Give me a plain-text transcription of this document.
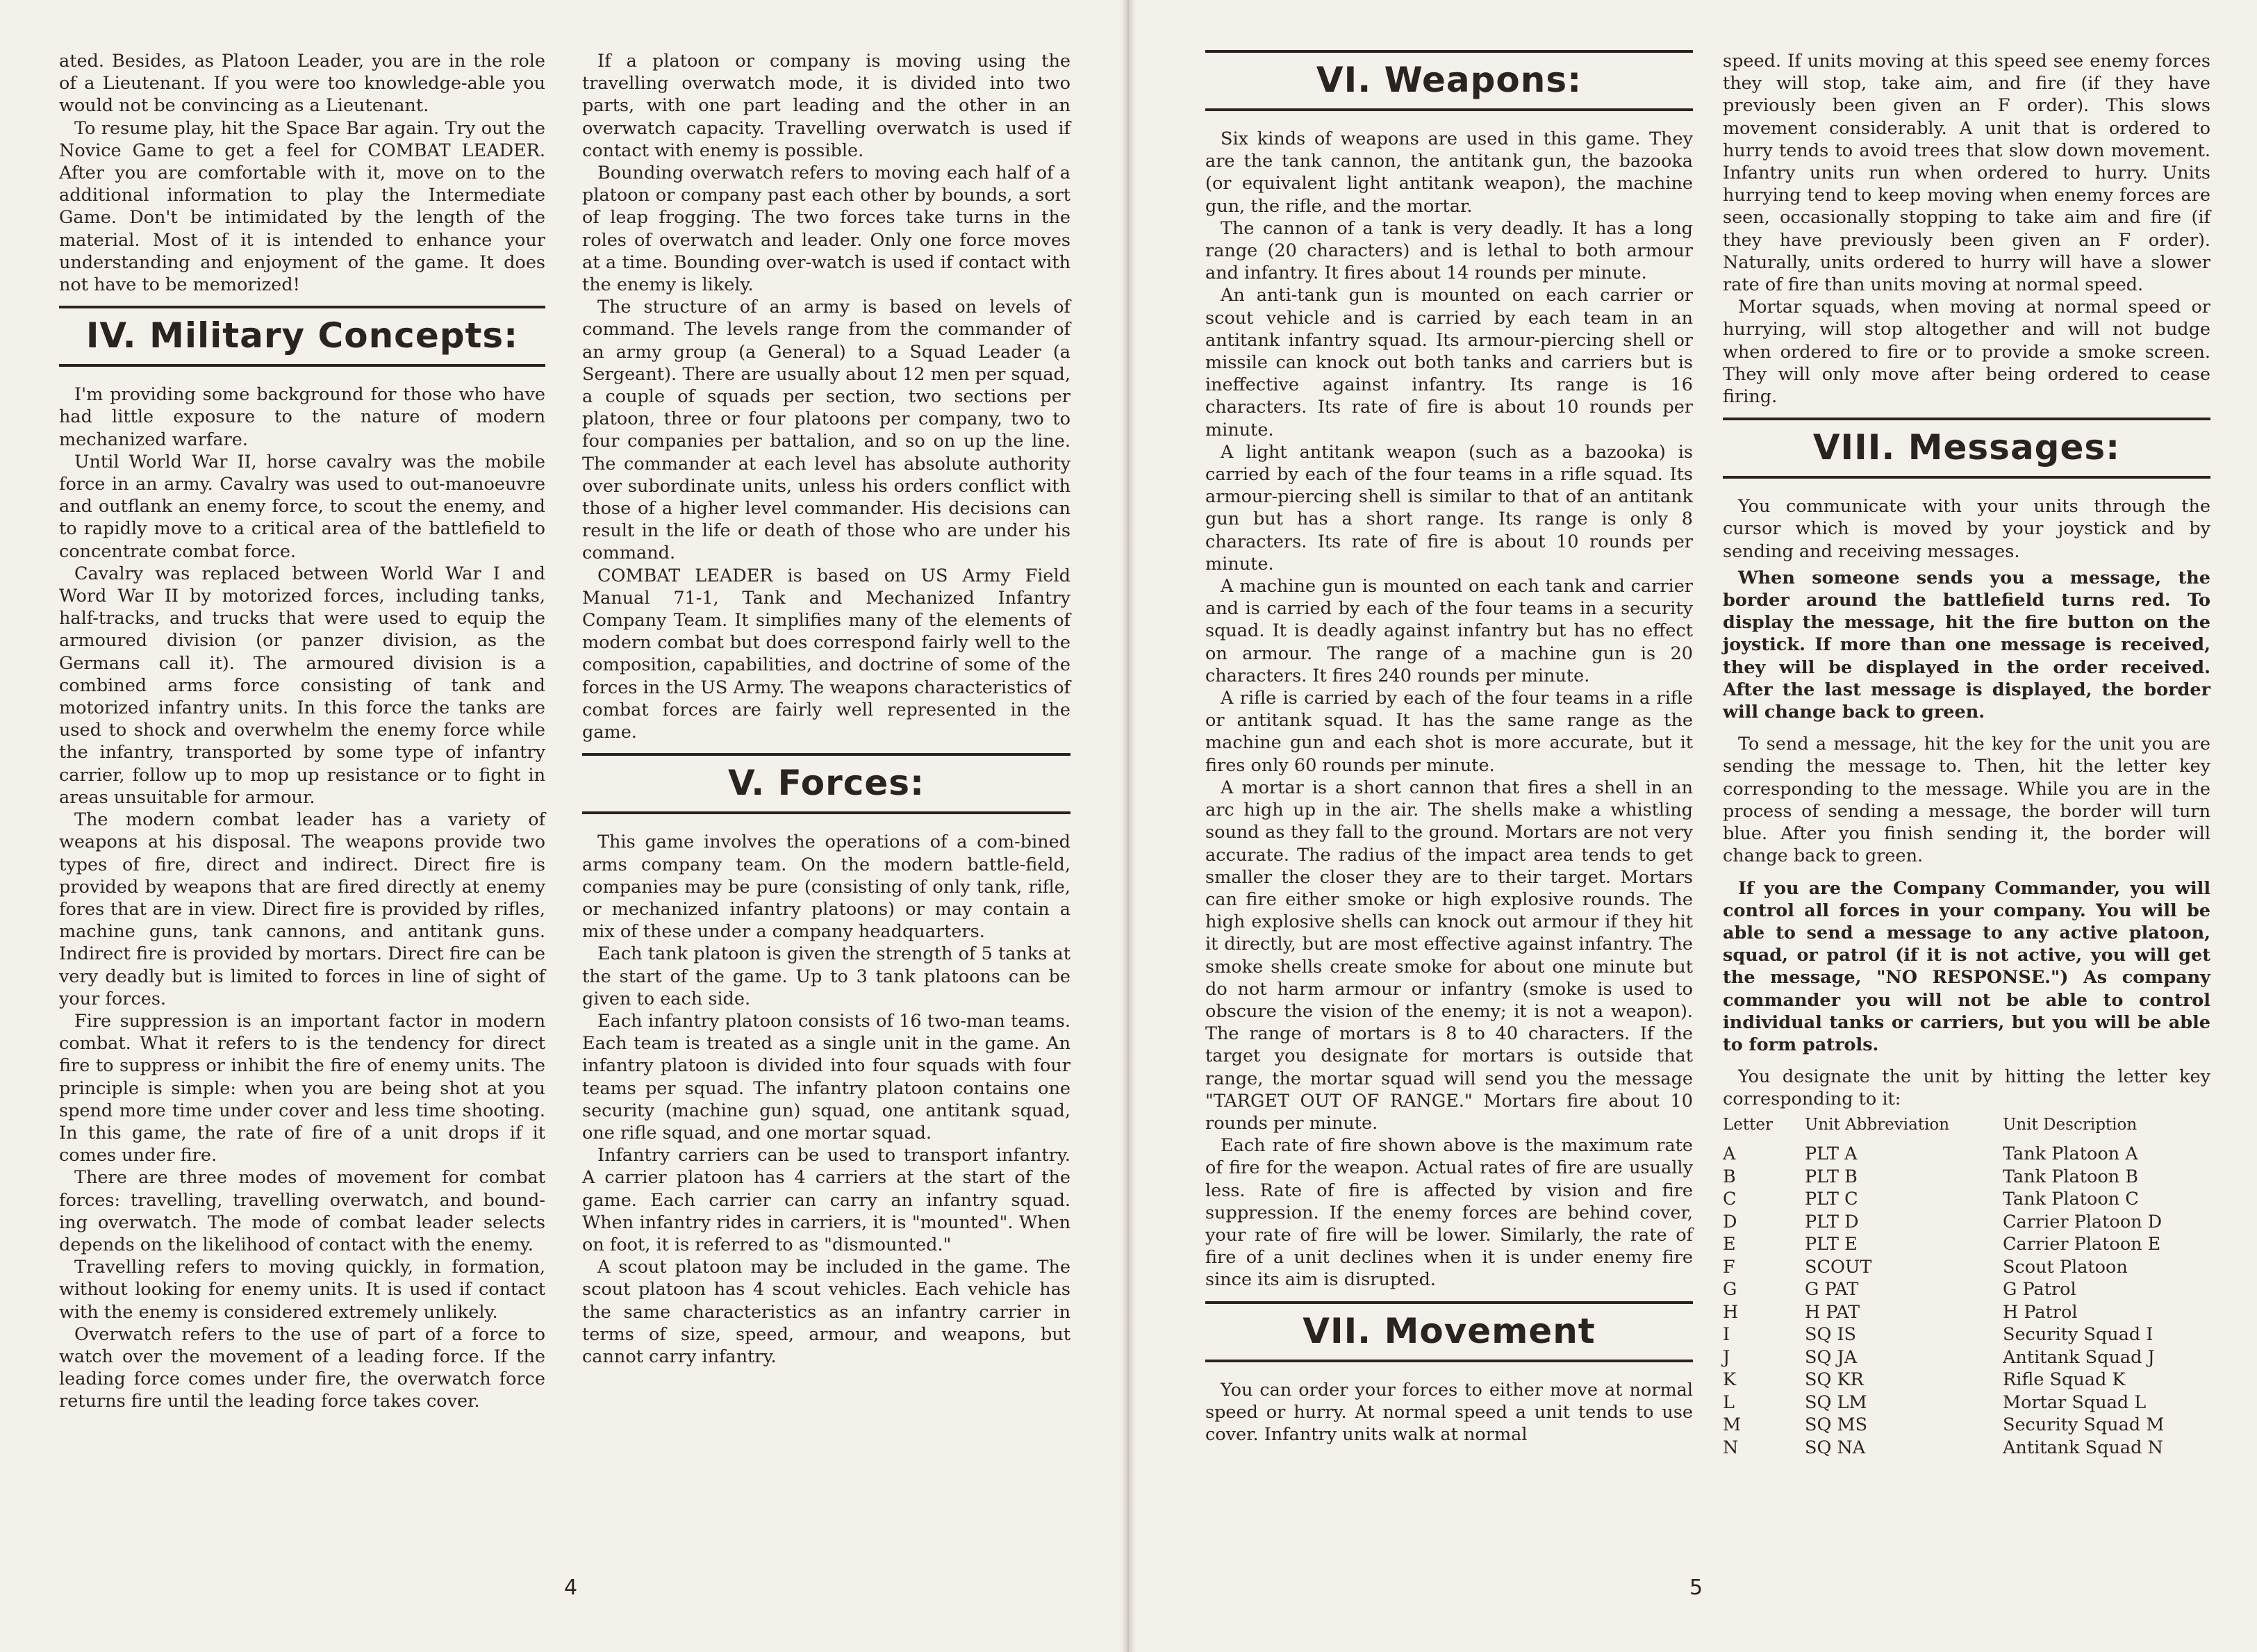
ated. Besides, as Platoon Leader, you are in the role of a Lieutenant. If you were too knowledge-able you would not be convincing as a Lieutenant.

To resume play, hit the Space Bar again. Try out the Novice Game to get a feel for COMBAT LEADER. After you are comfortable with it, move on to the additional information to play the Intermediate Game. Don't be intimidated by the length of the material. Most of it is intended to enhance your understanding and enjoyment of the game. It does not have to be memorized!

IV. Military Concepts:

I'm providing some background for those who have had little exposure to the nature of modern mechanized warfare.

Until World War II, horse cavalry was the mobile force in an army. Cavalry was used to out-manoeuvre and outflank an enemy force, to scout the enemy, and to rapidly move to a critical area of the battlefield to concentrate combat force.

Cavalry was replaced between World War I and Word War II by motorized forces, including tanks, half-tracks, and trucks that were used to equip the armoured division (or panzer division, as the Germans call it). The armoured division is a combined arms force consisting of tank and motorized infantry units. In this force the tanks are used to shock and overwhelm the enemy force while the infantry, transported by some type of infantry carrier, follow up to mop up resistance or to fight in areas unsuitable for armour.

The modern combat leader has a variety of weapons at his disposal. The weapons provide two types of fire, direct and indirect. Direct fire is provided by weapons that are fired directly at enemy fores that are in view. Direct fire is provided by rifles, machine guns, tank cannons, and antitank guns. Indirect fire is provided by mortars. Direct fire can be very deadly but is limited to forces in line of sight of your forces.

Fire suppression is an important factor in modern combat. What it refers to is the tendency for direct fire to suppress or inhibit the fire of enemy units. The principle is simple: when you are being shot at you spend more time under cover and less time shooting. In this game, the rate of fire of a unit drops if it comes under fire.

There are three modes of movement for combat forces: travelling, travelling overwatch, and bound-ing overwatch. The mode of combat leader selects depends on the likelihood of contact with the enemy.

Travelling refers to moving quickly, in formation, without looking for enemy units. It is used if contact with the enemy is considered extremely unlikely.

Overwatch refers to the use of part of a force to watch over the movement of a leading force. If the leading force comes under fire, the overwatch force returns fire until the leading force takes cover.

If a platoon or company is moving using the travelling overwatch mode, it is divided into two parts, with one part leading and the other in an overwatch capacity. Travelling overwatch is used if contact with enemy is possible.

Bounding overwatch refers to moving each half of a platoon or company past each other by bounds, a sort of leap frogging. The two forces take turns in the roles of overwatch and leader. Only one force moves at a time. Bounding over-watch is used if contact with the enemy is likely.

The structure of an army is based on levels of command. The levels range from the commander of an army group (a General) to a Squad Leader (a Sergeant). There are usually about 12 men per squad, a couple of squads per section, two sections per platoon, three or four platoons per company, two to four companies per battalion, and so on up the line. The commander at each level has absolute authority over subordinate units, unless his orders conflict with those of a higher level commander. His decisions can result in the life or death of those who are under his command.

COMBAT LEADER is based on US Army Field Manual 71-1, Tank and Mechanized Infantry Company Team. It simplifies many of the elements of modern combat but does correspond fairly well to the composition, capabilities, and doctrine of some of the forces in the US Army. The weapons characteristics of combat forces are fairly well represented in the game.

V. Forces:

This game involves the operations of a com-bined arms company team. On the modern battle-field, companies may be pure (consisting of only tank, rifle, or mechanized infantry platoons) or may contain a mix of these under a company headquarters.

Each tank platoon is given the strength of 5 tanks at the start of the game. Up to 3 tank platoons can be given to each side.

Each infantry platoon consists of 16 two-man teams. Each team is treated as a single unit in the game. An infantry platoon is divided into four squads with four teams per squad. The infantry platoon contains one security (machine gun) squad, one antitank squad, one rifle squad, and one mortar squad.

Infantry carriers can be used to transport infantry. A carrier platoon has 4 carriers at the start of the game. Each carrier can carry an infantry squad. When infantry rides in carriers, it is "mounted". When on foot, it is referred to as "dismounted."

A scout platoon may be included in the game. The scout platoon has 4 scout vehicles. Each vehicle has the same characteristics as an infantry carrier in terms of size, speed, armour, and weapons, but cannot carry infantry.

4
VI. Weapons:

Six kinds of weapons are used in this game. They are the tank cannon, the antitank gun, the bazooka (or equivalent light antitank weapon), the machine gun, the rifle, and the mortar.

The cannon of a tank is very deadly. It has a long range (20 characters) and is lethal to both armour and infantry. It fires about 14 rounds per minute.

An anti-tank gun is mounted on each carrier or scout vehicle and is carried by each team in an antitank infantry squad. Its armour-piercing shell or missile can knock out both tanks and carriers but is ineffective against infantry. Its range is 16 characters. Its rate of fire is about 10 rounds per minute.

A light antitank weapon (such as a bazooka) is carried by each of the four teams in a rifle squad. Its armour-piercing shell is similar to that of an antitank gun but has a short range. Its range is only 8 characters. Its rate of fire is about 10 rounds per minute.

A machine gun is mounted on each tank and carrier and is carried by each of the four teams in a security squad. It is deadly against infantry but has no effect on armour. The range of a machine gun is 20 characters. It fires 240 rounds per minute.

A rifle is carried by each of the four teams in a rifle or antitank squad. It has the same range as the machine gun and each shot is more accurate, but it fires only 60 rounds per minute.

A mortar is a short cannon that fires a shell in an arc high up in the air. The shells make a whistling sound as they fall to the ground. Mortars are not very accurate. The radius of the impact area tends to get smaller the closer they are to their target. Mortars can fire either smoke or high explosive rounds. The high explosive shells can knock out armour if they hit it directly, but are most effective against infantry. The smoke shells create smoke for about one minute but do not harm armour or infantry (smoke is used to obscure the vision of the enemy; it is not a weapon). The range of mortars is 8 to 40 characters. If the target you designate for mortars is outside that range, the mortar squad will send you the message "TARGET OUT OF RANGE." Mortars fire about 10 rounds per minute.

Each rate of fire shown above is the maximum rate of fire for the weapon. Actual rates of fire are usually less. Rate of fire is affected by vision and fire suppression. If the enemy forces are behind cover, your rate of fire will be lower. Similarly, the rate of fire of a unit declines when it is under enemy fire since its aim is disrupted.

VII. Movement

You can order your forces to either move at normal speed or hurry. At normal speed a unit tends to use cover. Infantry units walk at normal

speed. If units moving at this speed see enemy forces they will stop, take aim, and fire (if they have previously been given an F order). This slows movement considerably. A unit that is ordered to hurry tends to avoid trees that slow down movement. Infantry units run when ordered to hurry. Units hurrying tend to keep moving when enemy forces are seen, occasionally stopping to take aim and fire (if they have previously been given an F order). Naturally, units ordered to hurry will have a slower rate of fire than units moving at normal speed.

Mortar squads, when moving at normal speed or hurrying, will stop altogether and will not budge when ordered to fire or to provide a smoke screen. They will only move after being ordered to cease firing.

VIII. Messages:

You communicate with your units through the cursor which is moved by your joystick and by sending and receiving messages.

When someone sends you a message, the border around the battlefield turns red. To display the message, hit the fire button on the joystick. If more than one message is received, they will be displayed in the order received. After the last message is displayed, the border will change back to green.

To send a message, hit the key for the unit you are sending the message to. Then, hit the letter key corresponding to the message. While you are in the process of sending a message, the border will turn blue. After you finish sending it, the border will change back to green.

If you are the Company Commander, you will control all forces in your company. You will be able to send a message to any active platoon, squad, or patrol (if it is not active, you will get the message, "NO RESPONSE.") As company commander you will not be able to control individual tanks or carriers, but you will be able to form patrols.

You designate the unit by hitting the letter key corresponding to it:

Letter	Unit Abbreviation	Unit Description
A	PLT A	Tank Platoon A
B	PLT B	Tank Platoon B
C	PLT C	Tank Platoon C
D	PLT D	Carrier Platoon D
E	PLT E	Carrier Platoon E
F	SCOUT	Scout Platoon
G	G PAT	G Patrol
H	H PAT	H Patrol
I	SQ IS	Security Squad I
J	SQ JA	Antitank Squad J
K	SQ KR	Rifle Squad K
L	SQ LM	Mortar Squad L
M	SQ MS	Security Squad M
N	SQ NA	Antitank Squad N
5
